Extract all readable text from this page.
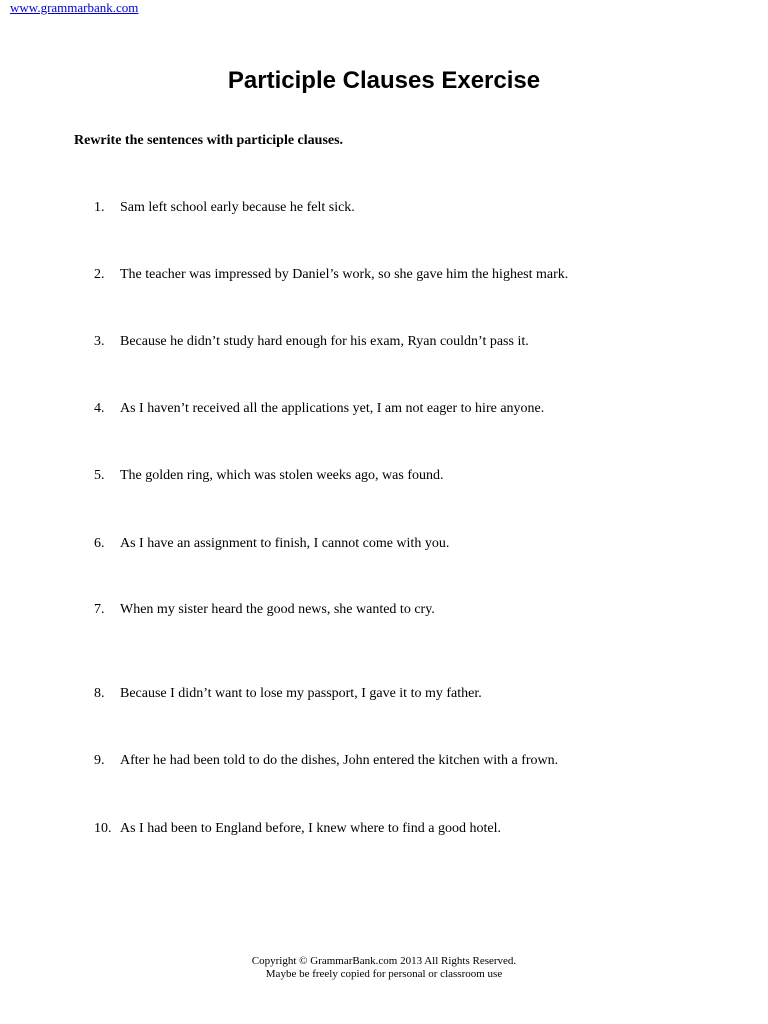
www.grammarbank.com
Participle Clauses Exercise
Rewrite the sentences with participle clauses.
1. Sam left school early because he felt sick.
2. The teacher was impressed by Daniel’s work, so she gave him the highest mark.
3. Because he didn’t study hard enough for his exam, Ryan couldn’t pass it.
4. As I haven’t received all the applications yet, I am not eager to hire anyone.
5. The golden ring, which was stolen weeks ago, was found.
6. As I have an assignment to finish, I cannot come with you.
7. When my sister heard the good news, she wanted to cry.
8. Because I didn’t want to lose my passport, I gave it to my father.
9. After he had been told to do the dishes, John entered the kitchen with a frown.
10. As I had been to England before, I knew where to find a good hotel.
Copyright © GrammarBank.com 2013 All Rights Reserved.
Maybe be freely copied for personal or classroom use
